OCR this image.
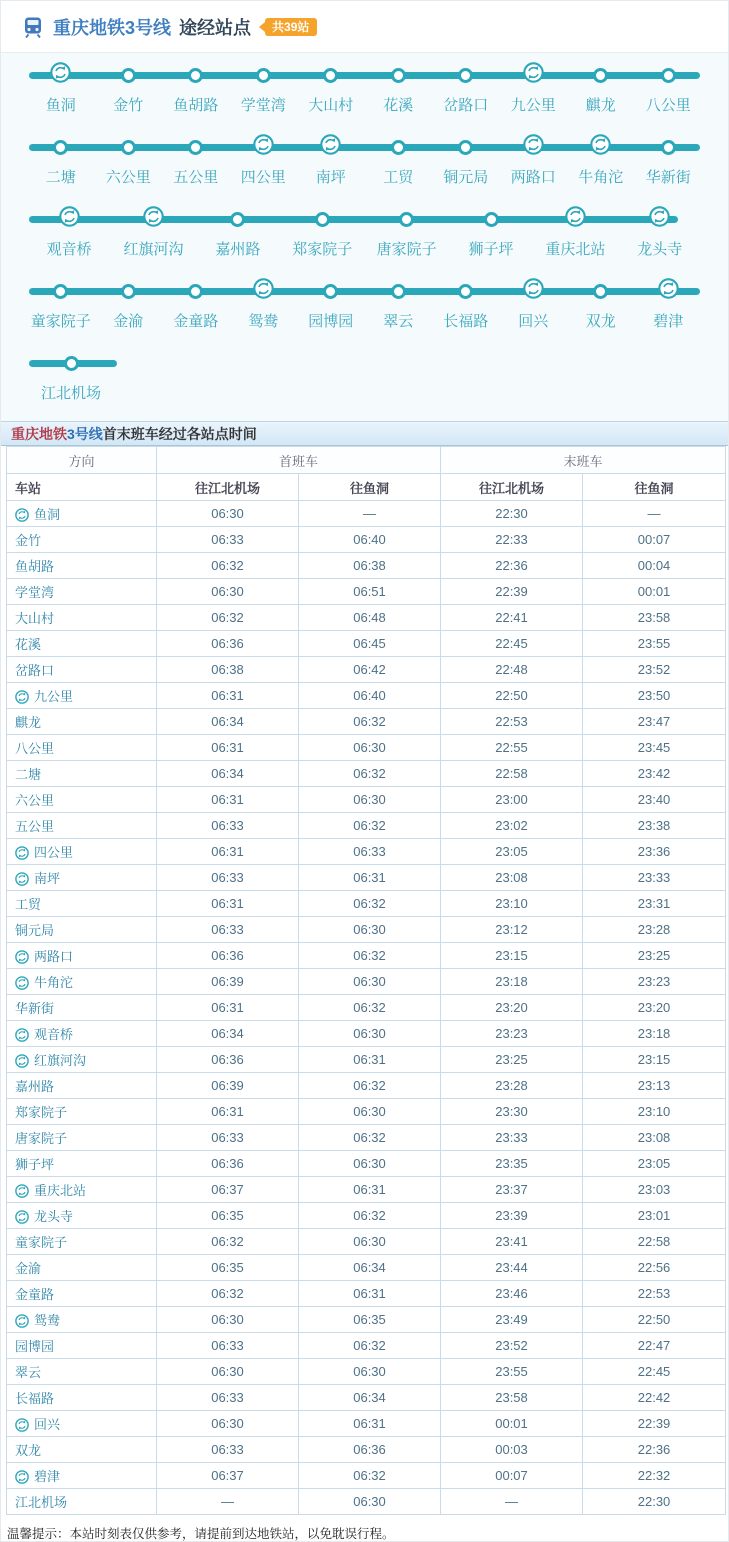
重庆地铁3号线 途经站点	共39站
鱼洞 金竹 鱼胡路 学堂湾 大山村 花溪 岔路口 九公里 麒龙 八公里
二塘 六公里 五公里 四公里 南坪 工贸 铜元局 两路口 牛角沱 华新街
观音桥 红旗河沟 嘉州路 郑家院子 唐家院子 狮子坪 重庆北站 龙头寺
童家院子 金渝 金童路 鸳鸯 园博园 翠云 长福路 回兴 双龙 碧津
江北机场
重庆地铁3号线首末班车经过各站点时间
方向	首班车		末班车	
车站	往江北机场	往鱼洞	往江北机场	往鱼洞

鱼洞	06:30	—	22:30	—
金竹	06:33	06:40	22:33	00:07
鱼胡路	06:32	06:38	22:36	00:04
学堂湾	06:30	06:51	22:39	00:01
大山村	06:32	06:48	22:41	23:58
花溪	06:36	06:45	22:45	23:55
岔路口	06:38	06:42	22:48	23:52

九公里	06:31	06:40	22:50	23:50
麒龙	06:34	06:32	22:53	23:47
八公里	06:31	06:30	22:55	23:45
二塘	06:34	06:32	22:58	23:42
六公里	06:31	06:30	23:00	23:40
五公里	06:33	06:32	23:02	23:38

四公里	06:31	06:33	23:05	23:36

南坪	06:33	06:31	23:08	23:33
工贸	06:31	06:32	23:10	23:31
铜元局	06:33	06:30	23:12	23:28

两路口	06:36	06:32	23:15	23:25

牛角沱	06:39	06:30	23:18	23:23
华新街	06:31	06:32	23:20	23:20

观音桥	06:34	06:30	23:23	23:18

红旗河沟	06:36	06:31	23:25	23:15
嘉州路	06:39	06:32	23:28	23:13
郑家院子	06:31	06:30	23:30	23:10
唐家院子	06:33	06:32	23:33	23:08
狮子坪	06:36	06:30	23:35	23:05

重庆北站	06:37	06:31	23:37	23:03

龙头寺	06:35	06:32	23:39	23:01
童家院子	06:32	06:30	23:41	22:58
金渝	06:35	06:34	23:44	22:56
金童路	06:32	06:31	23:46	22:53

鸳鸯	06:30	06:35	23:49	22:50
园博园	06:33	06:32	23:52	22:47
翠云	06:30	06:30	23:55	22:45
长福路	06:33	06:34	23:58	22:42

回兴	06:30	06:31	00:01	22:39
双龙	06:33	06:36	00:03	22:36

碧津	06:37	06:32	00:07	22:32
江北机场	—	06:30	—	22:30
温馨提示：本站时刻表仅供参考，请提前到达地铁站，以免耽误行程。
